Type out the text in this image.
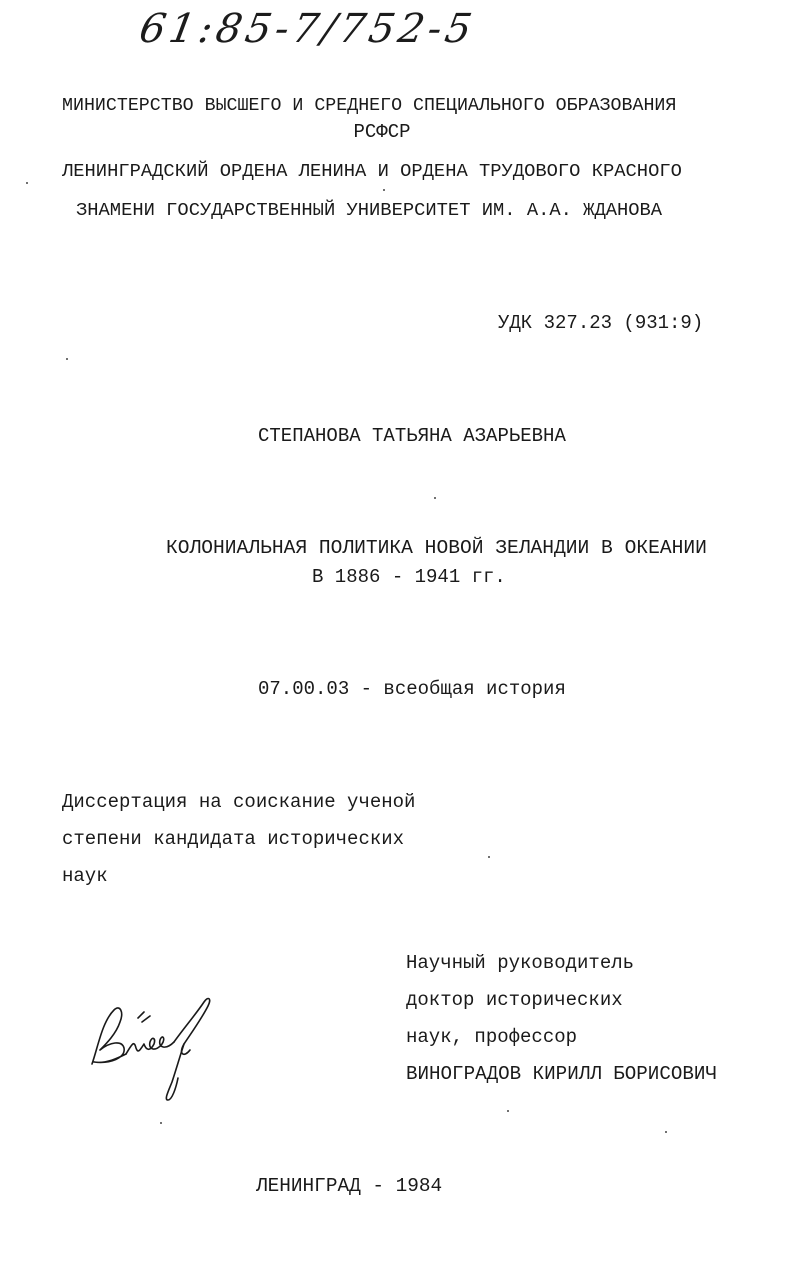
61:85-7/752-5
МИНИСТЕРСТВО ВЫСШЕГО И СРЕДНЕГО СПЕЦИАЛЬНОГО ОБРАЗОВАНИЯ
РСФСР
ЛЕНИНГРАДСКИЙ ОРДЕНА ЛЕНИНА И ОРДЕНА ТРУДОВОГО КРАСНОГО
ЗНАМЕНИ ГОСУДАРСТВЕННЫЙ УНИВЕРСИТЕТ ИМ. А.А. ЖДАНОВА
УДК 327.23 (931:9)
СТЕПАНОВА ТАТЬЯНА АЗАРЬЕВНА
КОЛОНИАЛЬНАЯ ПОЛИТИКА НОВОЙ ЗЕЛАНДИИ В ОКЕАНИИ
В 1886 - 1941 гг.
07.00.03 - всеобщая история
Диссертация на соискание ученой
степени кандидата исторических
наук
Научный руководитель
доктор исторических
наук, профессор
ВИНОГРАДОВ КИРИЛЛ БОРИСОВИЧ
ЛЕНИНГРАД - 1984
